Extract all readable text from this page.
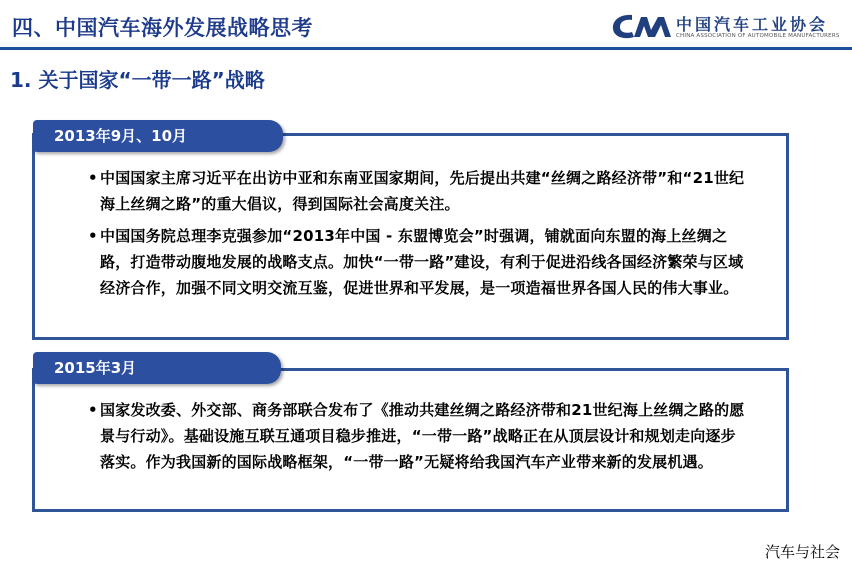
四、中国汽车海外发展战略思考	中国汽车工业协会
CHINA ASSOCIATION OF AUTOMOBILE MANUFACTURERS
1. 关于国家“一带一路”战略
2013年9月、10月
• 中国国家主席习近平在出访中亚和东南亚国家期间，先后提出共建“丝绸之路经济带”和“21世纪海上丝绸之路”的重大倡议，得到国际社会高度关注。
• 中国国务院总理李克强参加“2013年中国 - 东盟博览会”时强调，铺就面向东盟的海上丝绸之路，打造带动腹地发展的战略支点。加快“一带一路”建设，有利于促进沿线各国经济繁荣与区域经济合作，加强不同文明交流互鉴，促进世界和平发展，是一项造福世界各国人民的伟大事业。
2015年3月
• 国家发改委、外交部、商务部联合发布了《推动共建丝绸之路经济带和21世纪海上丝绸之路的愿景与行动》。基础设施互联互通项目稳步推进，“一带一路”战略正在从顶层设计和规划走向逐步落实。作为我国新的国际战略框架，“一带一路”无疑将给我国汽车产业带来新的发展机遇。
汽车与社会
